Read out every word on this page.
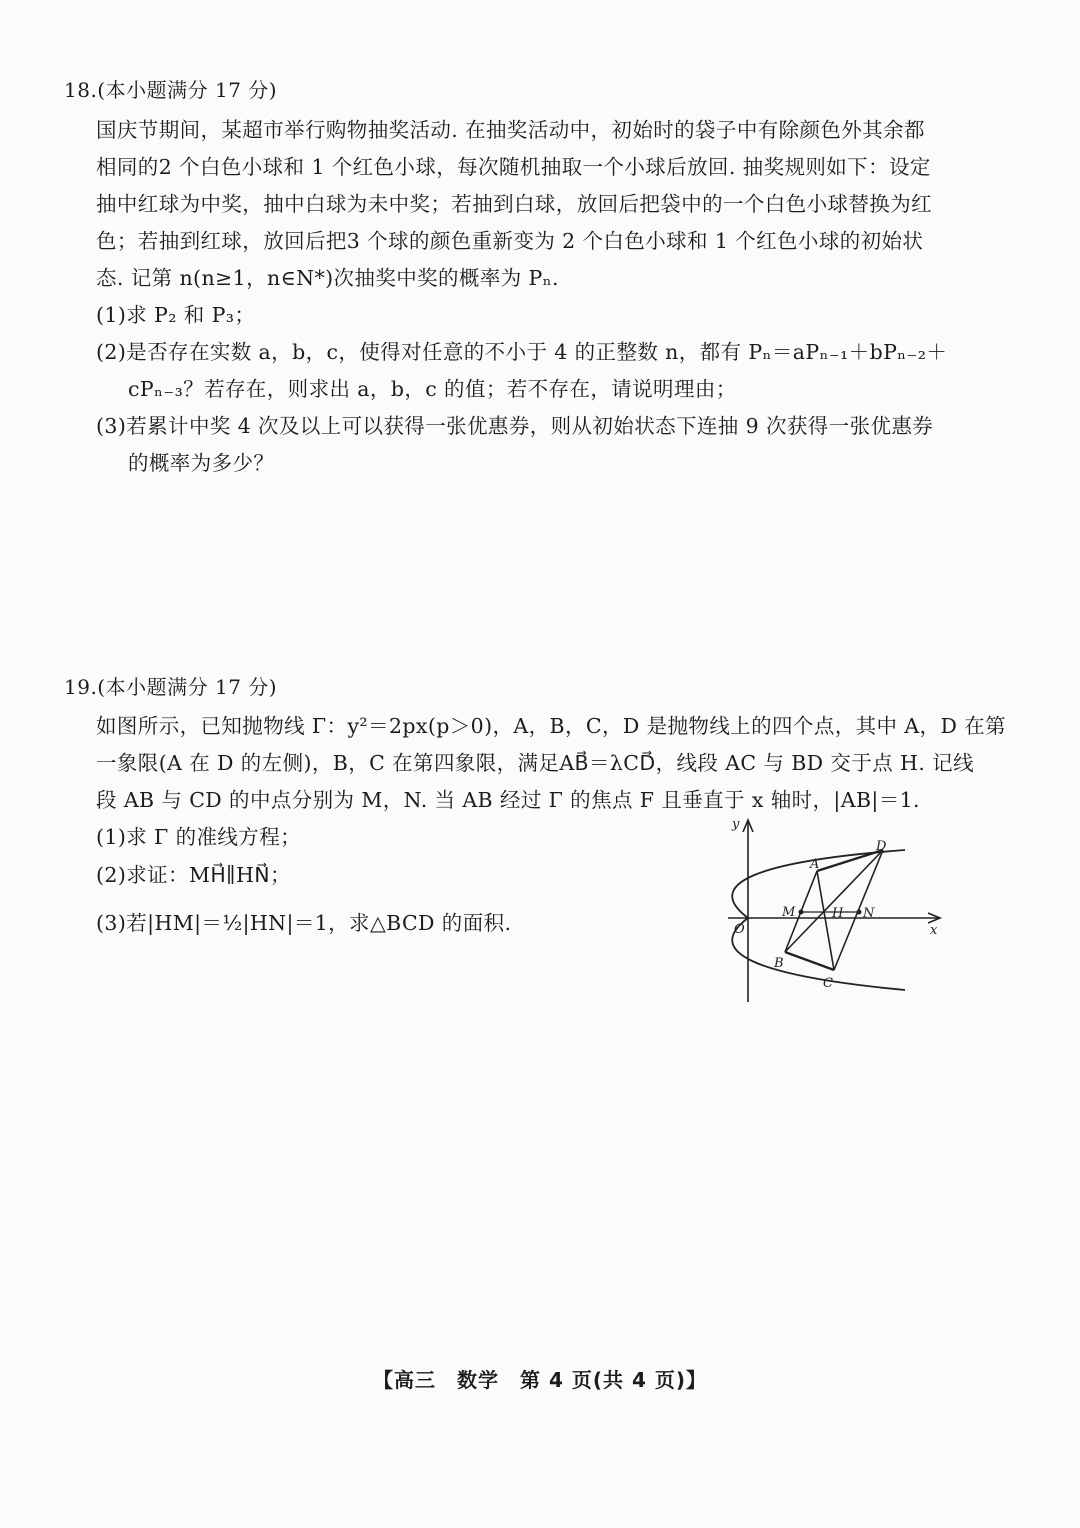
18.(本小题满分 17 分)
国庆节期间，某超市举行购物抽奖活动. 在抽奖活动中，初始时的袋子中有除颜色外其余都
相同的2 个白色小球和 1 个红色小球，每次随机抽取一个小球后放回. 抽奖规则如下：设定
抽中红球为中奖，抽中白球为未中奖；若抽到白球，放回后把袋中的一个白色小球替换为红
色；若抽到红球，放回后把3 个球的颜色重新变为 2 个白色小球和 1 个红色小球的初始状
态. 记第 n(n≥1，n∈N*)次抽奖中奖的概率为 Pₙ.
(1)求 P₂ 和 P₃；
(2)是否存在实数 a，b，c，使得对任意的不小于 4 的正整数 n，都有 Pₙ＝aPₙ₋₁＋bPₙ₋₂＋
cPₙ₋₃？若存在，则求出 a，b，c 的值；若不存在，请说明理由；
(3)若累计中奖 4 次及以上可以获得一张优惠券，则从初始状态下连抽 9 次获得一张优惠券
的概率为多少？
19.(本小题满分 17 分)
如图所示，已知抛物线 Γ：y²＝2px(p＞0)，A，B，C，D 是抛物线上的四个点，其中 A，D 在第
一象限(A 在 D 的左侧)，B，C 在第四象限，满足AB⃗＝λCD⃗，线段 AC 与 BD 交于点 H. 记线
段 AB 与 CD 的中点分别为 M，N. 当 AB 经过 Γ 的焦点 F 且垂直于 x 轴时，|AB|＝1.
(1)求 Γ 的准线方程；
(2)求证：MH⃗∥HN⃗；
(3)若|HM|＝½|HN|＝1，求△BCD 的面积.
y
x
O
A
B
C
D
M	H N
【高三　数学　第 4 页(共 4 页)】
